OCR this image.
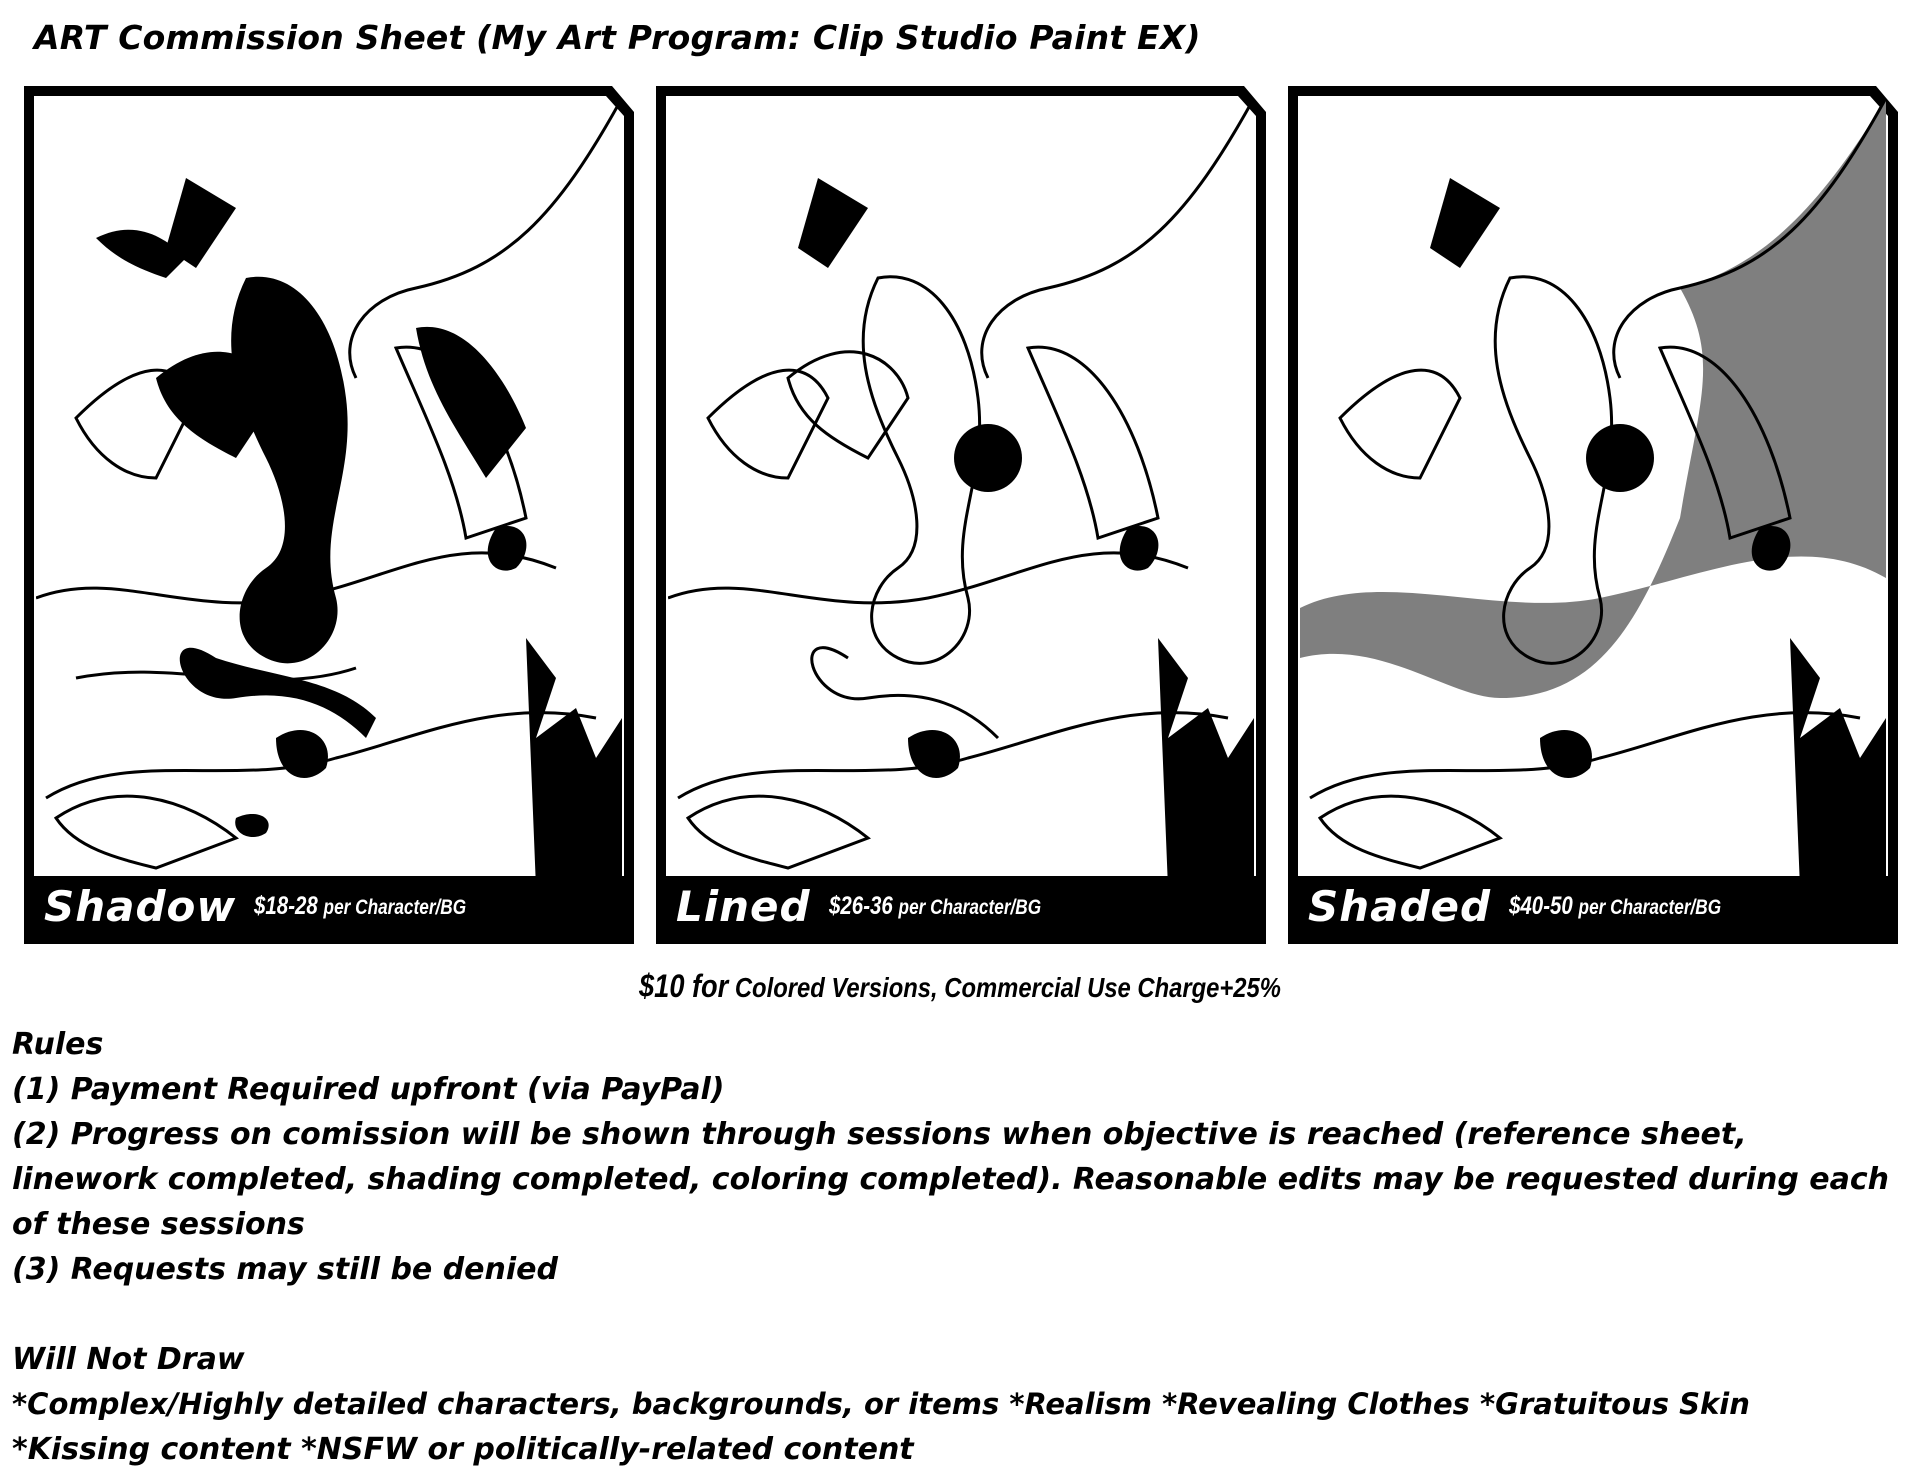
ART Commission Sheet (My Art Program: Clip Studio Paint EX)
Shadow $18-28 per Character/BG	Lined $26-36 per Character/BG	Shaded $40-50 per Character/BG
$10 for Colored Versions, Commercial Use Charge+25%
Rules
(1) Payment Required upfront (via PayPal)
(2) Progress on comission will be shown through sessions when objective is reached (reference sheet, linework completed, shading completed, coloring completed). Reasonable edits may be requested during each of these sessions
(3) Requests may still be denied
Will Not Draw
*Complex/Highly detailed characters, backgrounds, or items *Realism *Revealing Clothes *Gratuitous Skin
*Kissing content *NSFW or politically-related content
